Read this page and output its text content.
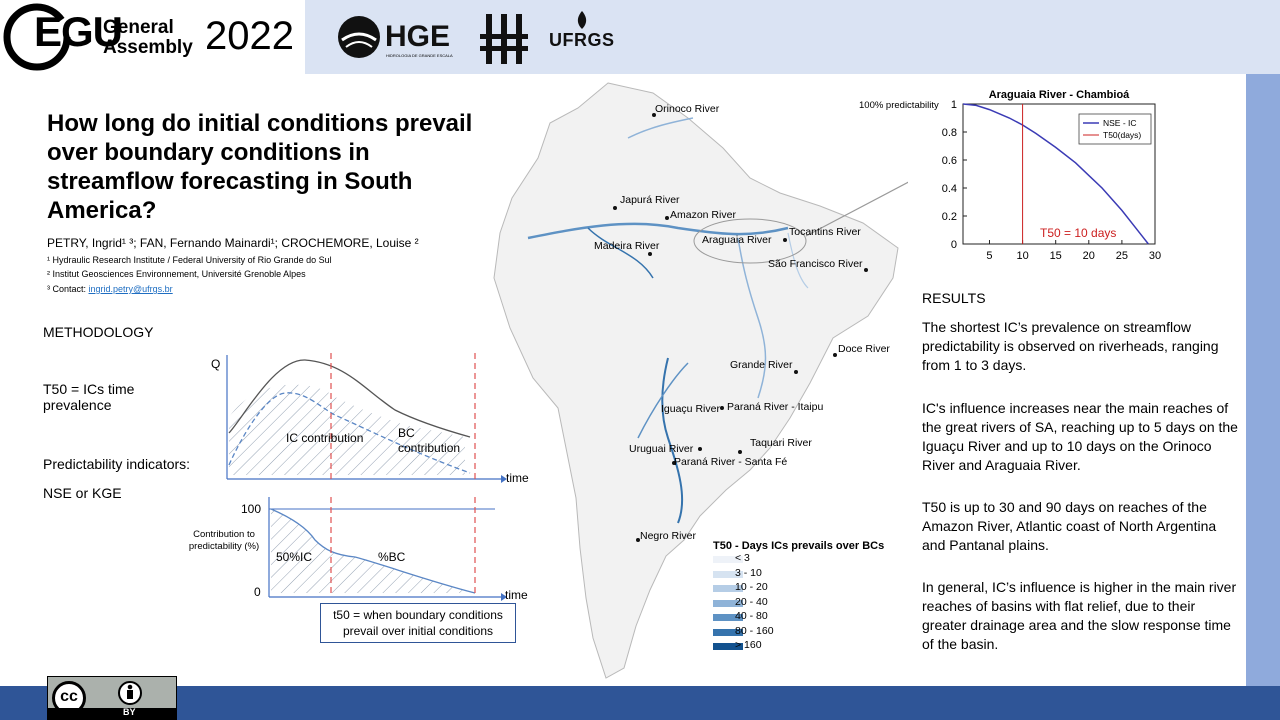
EGU
General
Assembly 2022	HGE
HIDROLOGIA DE GRANDE ESCALA
UFRGS
How long do initial conditions prevail over boundary conditions in streamflow forecasting in South America?
PETRY, Ingrid¹ ³; FAN, Fernando Mainardi¹; CROCHEMORE, Louise ²
¹ Hydraulic Research Institute / Federal University of Rio Grande do Sul
² Institut Geosciences Environnement, Université Grenoble Alpes
³ Contact: ingrid.petry@ufrgs.br
METHODOLOGY
T50 = ICs time prevalence
Predictability indicators:
NSE or KGE
Q
time
IC contribution	BC contribution
100
0
Contribution to predictability (%)
50%IC	%BC
time
t50 = when boundary conditions prevail over initial conditions
Orinoco River
Japurá River
Amazon River
Madeira River	Araguaia River
Tocantins River
São Francisco River
Doce River
Grande River
Iguaçu River Paraná River - Itaipu
Taquari River
Uruguai River
Paraná River - Santa Fé
Negro River
T50 - Days ICs prevails over BCs
< 3
3 - 10
10 - 20
20 - 40
40 - 80
80 - 160
> 160
5 10 15 20 25 30
0
0.2
0.4
0.6
0.8
1
Araguaia River - Chambioá
100% predictability
NSE - IC
T50(days)
T50 = 10 days
RESULTS
The shortest IC’s prevalence on streamflow predictability is observed on riverheads, ranging from 1 to 3 days.
IC's influence increases near the main reaches of the great rivers of SA, reaching up to 5 days on the Iguaçu River and up to 10 days on the Orinoco River and Araguaia River.
T50 is up to 30 and 90 days on reaches of the Amazon River, Atlantic coast of North Argentina and Pantanal plains.
In general, IC’s influence is higher in the main river reaches of basins with flat relief, due to their greater drainage area and the slow response time of the basin.
cc
BY
